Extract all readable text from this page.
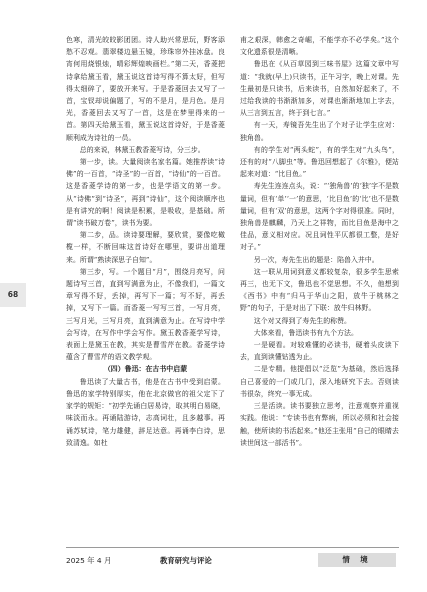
68

色寒，清光皎皎影团团。诗人助兴常思玩，野客添愁不忍观。翡翠楼边悬玉镜，珍珠帘外挂冰盘。良宵何用烧银烛，晴彩辉煌映画栏。”第二天，香菱把诗拿给黛玉看，黛玉说这首诗写得不算太好，但写得太细碎了，要放开来写。于是香菱回去又写了一首，宝钗却说偏题了，写的不是月，是月色。是月光，香菱回去又写了一首，这是在梦里得来的一首。第四天给黛玉看，黛玉说这首诗好，于是香菱顺利成为诗社的一员。

总的来说，林黛玉教香菱写诗，分三步。

第一步，读。大量阅读名家名篇。她推荐读“诗佛”的一百首，“诗圣”的一百首，“诗仙”的一百首。这是香菱学诗的第一步，也是学语文的第一步。从“诗佛”到“诗圣”，再到“诗仙”，这个阅读顺序也是有讲究的啊！阅读是积累，是吸收，是基础。所谓“读书破万卷”，读书为要。

第二步，品。读诗要理解，要欣赏，要像吃橄榄一样，不断回味这首诗好在哪里，要讲出道理来。所谓“熟读深思子自知”。

第三步，写。一个题目“月”，围绕月亮写，问题诗写三首，直到写满意为止，不像我们，一篇文章写得不好，丢掉，再写下一篇；写不好，再丢掉，又写下一篇。而香菱一写写三首，一写月亮，三写月光，三写月亮，直到满意为止。在写诗中学会写诗，在写作中学会写作。黛玉教香菱学写诗，表面上是黛玉在教，其实是曹雪芹在教。香菱学诗蕴含了曹雪芹的语文教学观。

（四）鲁迅：在古书中启蒙

鲁迅读了大量古书，他是在古书中受到启蒙。鲁迅的家学特别厚实，他在北京做官的祖父定下了家学的规矩：“初学先诵白居易诗，取其明白易晓，味淡而永。再诵陆游诗，志高词壮，且多越事。再诵苏轼诗，笔力雄健，辞足达意。再诵李白诗，思致清逸。如杜

甫之艰深，韩愈之奇崛，不能学亦不必学矣。”这个文化遗系很是清晰。

鲁迅在《从百草园到三味书屋》这篇文章中写道：“我就(早上)只读书，正午习字，晚上对课。先生最初是只读书，后来读书，自然加好起来了，不过给我读的书渐渐加多，对课也渐渐地加上字去，从三言到五言，终于到七言。”

有一天，寿镜吾先生出了个对子让学生应对：独角兽。

有的学生对“两头蛇”，有的学生对“九头鸟”，还有的对“八脚虫”等。鲁迅回想起了《尔雅》，便站起来对道：“比目鱼。”

寿先生连连点头，说：“‘独角兽’的‘独’字不是数量词，但有‘单’‘一’的意思，‘比目鱼’的‘比’也不是数量词，但有‘双’的意思，这两个字对得很准。同时，独角兽是麒麟，乃天上之祥物，而比目鱼是海中之佳品，意义相对应。况且词性平仄都很工整，是好对子。”

另一次，寿先生出的题是：陷兽入井中。

这一联从用词到意义都较复杂，很多学生思索再三，也无下文，鲁迅也不觉思想。不久，他想到《西书》中有“归马于华山之阳，放牛于桃林之野”的句子，于是对出了下联：放牛归林野。

这个对又得到了寿先生的称赞。

大体来看，鲁迅读书有九个方法。

一是硬看。对较难懂的必读书，硬着头皮读下去，直到读懂钻透为止。

二是专精。他提倡以“泛览”为基础，然后选择自己喜爱的一门或几门，深入地研究下去。否则读书很杂，终究一事无成。

三是活读。读书要独立思考，注意观察并重视实践。他说：“专读书也有弊病，所以必须和社会接触，使所读的书活起来。”他还主张用“自己的眼睛去读世间这一部活书”。

2025 年 4 月	教育研究与评论	情 境
